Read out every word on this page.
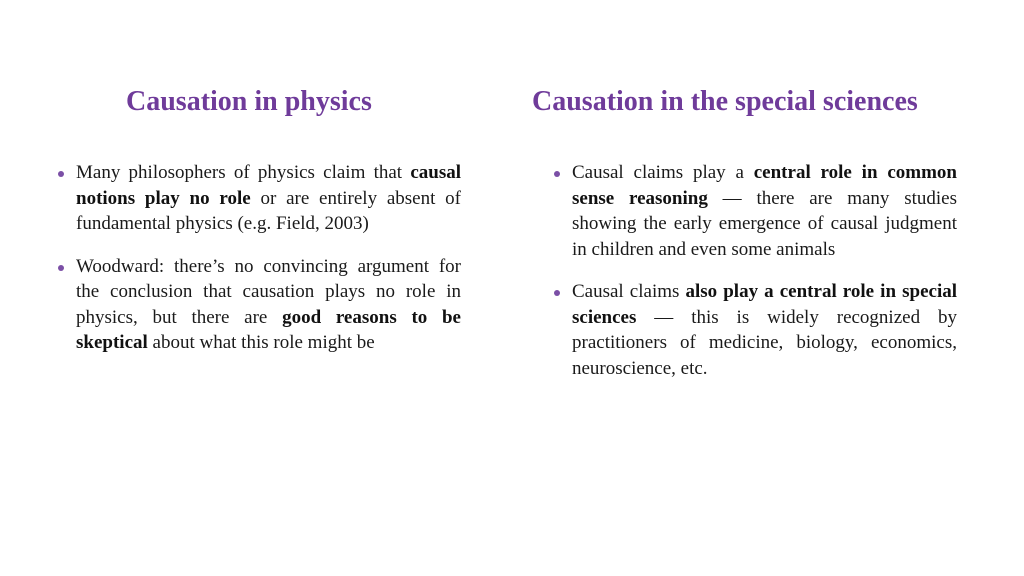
Causation in physics
Many philosophers of physics claim that causal notions play no role or are entirely absent of fundamental physics (e.g. Field, 2003)
Woodward: there’s no convincing argument for the conclusion that causation plays no role in physics, but there are good reasons to be skeptical about what this role might be
Causation in the special sciences
Causal claims play a central role in common sense reasoning — there are many studies showing the early emergence of causal judgment in children and even some animals
Causal claims also play a central role in special sciences — this is widely recognized by practitioners of medicine, biology, economics, neuroscience, etc.
